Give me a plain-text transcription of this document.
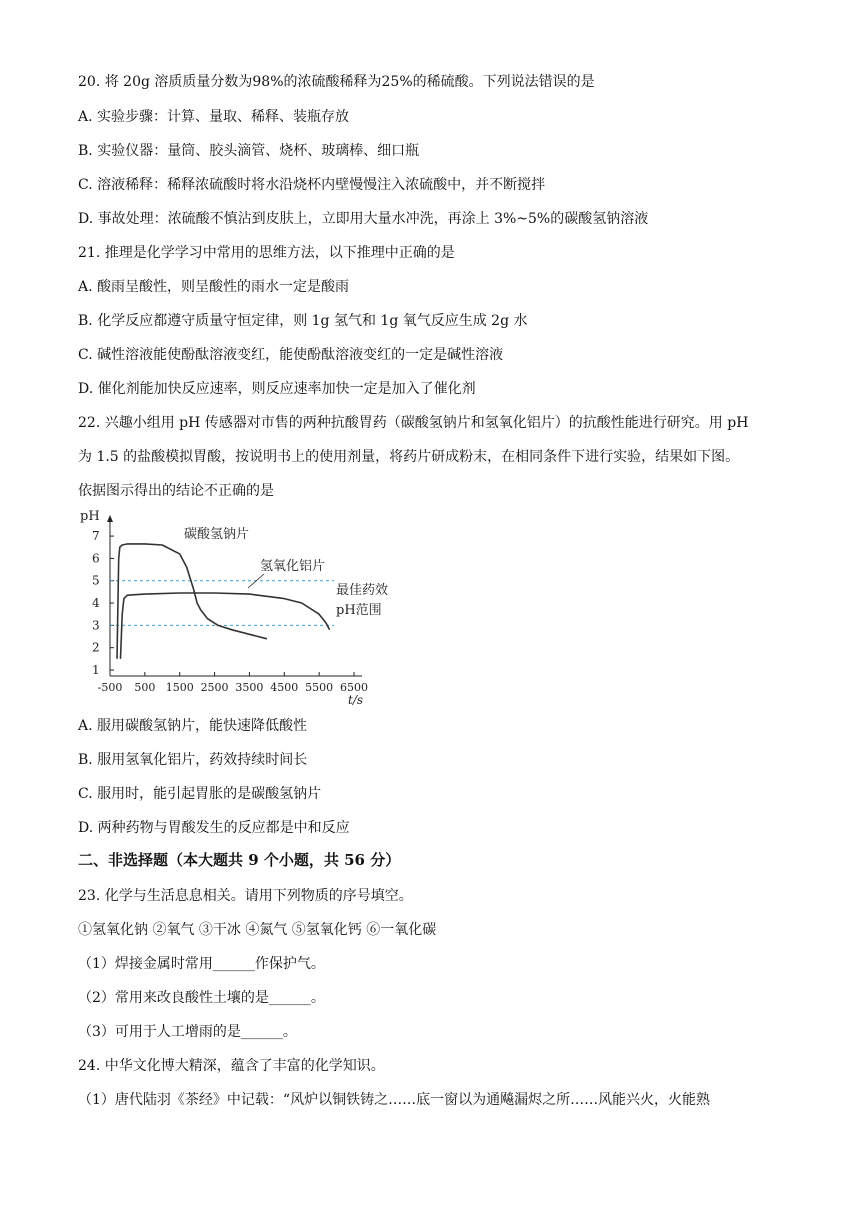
20. 将 20g 溶质质量分数为98%的浓硫酸稀释为25%的稀硫酸。下列说法错误的是
A. 实验步骤：计算、量取、稀释、装瓶存放
B. 实验仪器：量筒、胶头滴管、烧杯、玻璃棒、细口瓶
C. 溶液稀释：稀释浓硫酸时将水沿烧杯内壁慢慢注入浓硫酸中，并不断搅拌
D. 事故处理：浓硫酸不慎沾到皮肤上，立即用大量水冲洗，再涂上 3%~5%的碳酸氢钠溶液
21. 推理是化学学习中常用的思维方法，以下推理中正确的是
A. 酸雨呈酸性，则呈酸性的雨水一定是酸雨
B. 化学反应都遵守质量守恒定律，则 1g 氢气和 1g 氧气反应生成 2g 水
C. 碱性溶液能使酚酞溶液变红，能使酚酞溶液变红的一定是碱性溶液
D. 催化剂能加快反应速率，则反应速率加快一定是加入了催化剂
22. 兴趣小组用 pH 传感器对市售的两种抗酸胃药（碳酸氢钠片和氢氧化铝片）的抗酸性能进行研究。用 pH
为 1.5 的盐酸模拟胃酸，按说明书上的使用剂量，将药片研成粉末，在相同条件下进行实验，结果如下图。
依据图示得出的结论不正确的是
pH
t/s
1
2
3
4
5
6
7
-500 500 1500 2500 3500 4500 5500 6500
碳酸氢钠片
氢氧化铝片
最佳药效
pH范围
A. 服用碳酸氢钠片，能快速降低酸性
B. 服用氢氧化铝片，药效持续时间长
C. 服用时，能引起胃胀的是碳酸氢钠片
D. 两种药物与胃酸发生的反应都是中和反应
二、非选择题（本大题共 9 个小题，共 56 分）
23. 化学与生活息息相关。请用下列物质的序号填空。
①氢氧化钠 ②氧气 ③干冰 ④氮气 ⑤氢氧化钙 ⑥一氧化碳
（1）焊接金属时常用______作保护气。
（2）常用来改良酸性土壤的是______。
（3）可用于人工增雨的是______。
24. 中华文化博大精深，蕴含了丰富的化学知识。
（1）唐代陆羽《茶经》中记载：“风炉以铜铁铸之……底一窗以为通飚漏烬之所……风能兴火，火能熟
